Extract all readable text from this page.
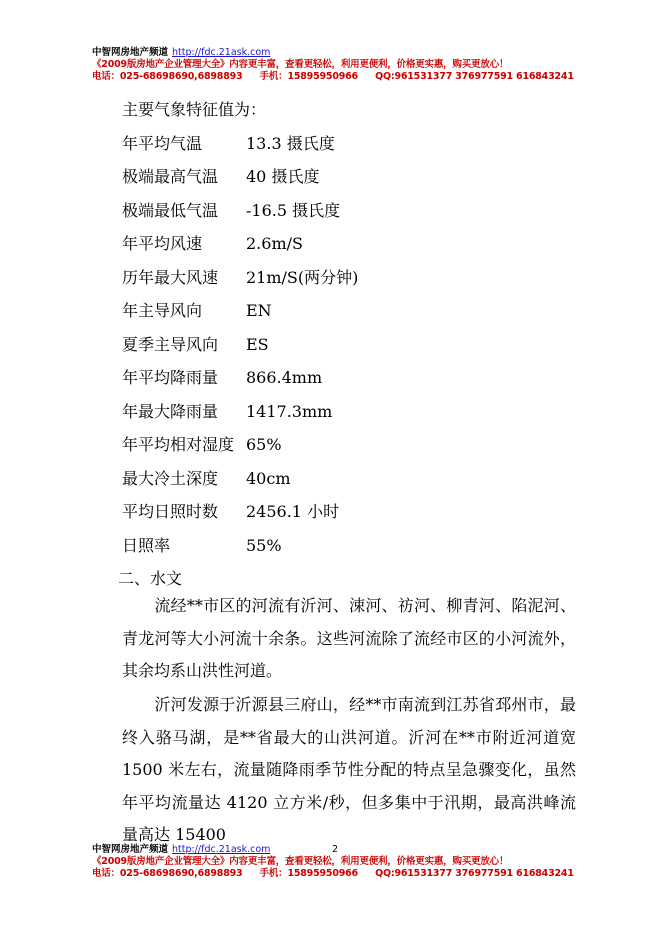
中智网房地产频道 http://fdc.21ask.com
《2009版房地产企业管理大全》内容更丰富，查看更轻松，利用更便利，价格更实惠，购买更放心！
电话：025-68698690,6898893 手机：15895950966 QQ:961531377 376977591 616843241
主要气象特征值为：
年平均气温	13.3 摄氏度
极端最高气温	40 摄氏度
极端最低气温	-16.5 摄氏度
年平均风速	2.6m/S
历年最大风速	21m/S(两分钟)
年主导风向	EN
夏季主导风向	ES
年平均降雨量	866.4mm
年最大降雨量	1417.3mm
年平均相对湿度 65%
最大冷土深度	40cm
平均日照时数	2456.1 小时
日照率	55%
二、水文
　　流经**市区的河流有沂河、涑河、祊河、柳青河、陷泥河、青龙河等大小河流十余条。这些河流除了流经市区的小河流外，其余均系山洪性河道。
　　沂河发源于沂源县三府山，经**市南流到江苏省邳州市，最终入骆马湖，是**省最大的山洪河道。沂河在**市附近河道宽 1500 米左右，流量随降雨季节性分配的特点呈急骤变化，虽然年平均流量达 4120 立方米/秒，但多集中于汛期，最高洪峰流量高达 15400
中智网房地产频道 http://fdc.21ask.com	2
《2009版房地产企业管理大全》内容更丰富，查看更轻松，利用更便利，价格更实惠，购买更放心！
电话：025-68698690,6898893 手机：15895950966 QQ:961531377 376977591 616843241
